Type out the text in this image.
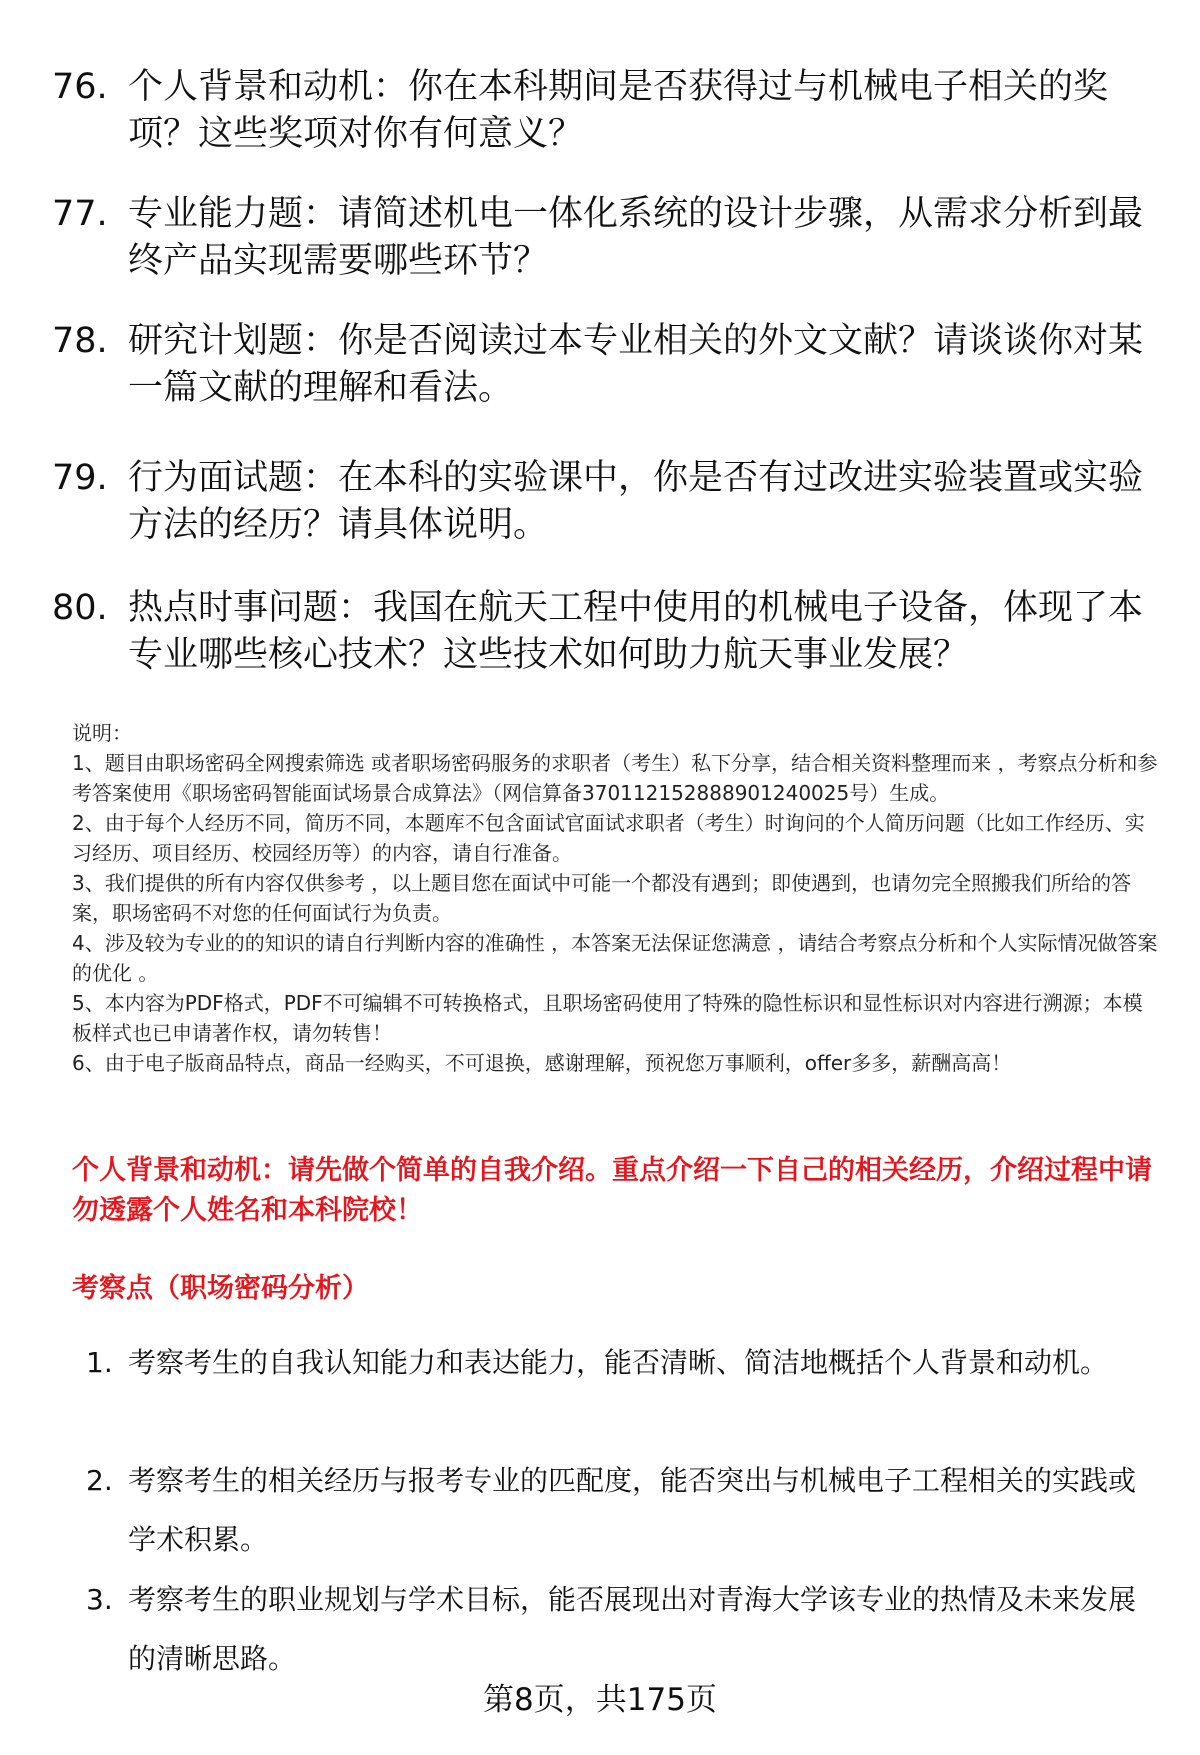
76. 个人背景和动机：你在本科期间是否获得过与机械电子相关的奖项？这些奖项对你有何意义？
77. 专业能力题：请简述机电一体化系统的设计步骤，从需求分析到最终产品实现需要哪些环节？
78. 研究计划题：你是否阅读过本专业相关的外文文献？请谈谈你对某一篇文献的理解和看法。
79. 行为面试题：在本科的实验课中，你是否有过改进实验装置或实验方法的经历？请具体说明。
80. 热点时事问题：我国在航天工程中使用的机械电子设备，体现了本专业哪些核心技术？这些技术如何助力航天事业发展？
说明：
1、题目由职场密码全网搜索筛选 或者职场密码服务的求职者（考生）私下分享，结合相关资料整理而来 ，考察点分析和参考答案使用《职场密码智能面试场景合成算法》（网信算备370112152888901240025号）生成。
2、由于每个人经历不同，简历不同，本题库不包含面试官面试求职者（考生）时询问的个人简历问题（比如工作经历、实习经历、项目经历、校园经历等）的内容，请自行准备。
3、我们提供的所有内容仅供参考 ，以上题目您在面试中可能一个都没有遇到；即使遇到，也请勿完全照搬我们所给的答案，职场密码不对您的任何面试行为负责。
4、涉及较为专业的的知识的请自行判断内容的准确性 ，本答案无法保证您满意 ，请结合考察点分析和个人实际情况做答案的优化 。
5、本内容为PDF格式，PDF不可编辑不可转换格式，且职场密码使用了特殊的隐性标识和显性标识对内容进行溯源；本模板样式也已申请著作权，请勿转售！
6、由于电子版商品特点，商品一经购买，不可退换，感谢理解，预祝您万事顺利，offer多多，薪酬高高！
个人背景和动机：请先做个简单的自我介绍。重点介绍一下自己的相关经历，介绍过程中请勿透露个人姓名和本科院校！
考察点（职场密码分析）
1. 考察考生的自我认知能力和表达能力，能否清晰、简洁地概括个人背景和动机。
2. 考察考生的相关经历与报考专业的匹配度，能否突出与机械电子工程相关的实践或学术积累。
3. 考察考生的职业规划与学术目标，能否展现出对青海大学该专业的热情及未来发展的清晰思路。
第8页，共175页
